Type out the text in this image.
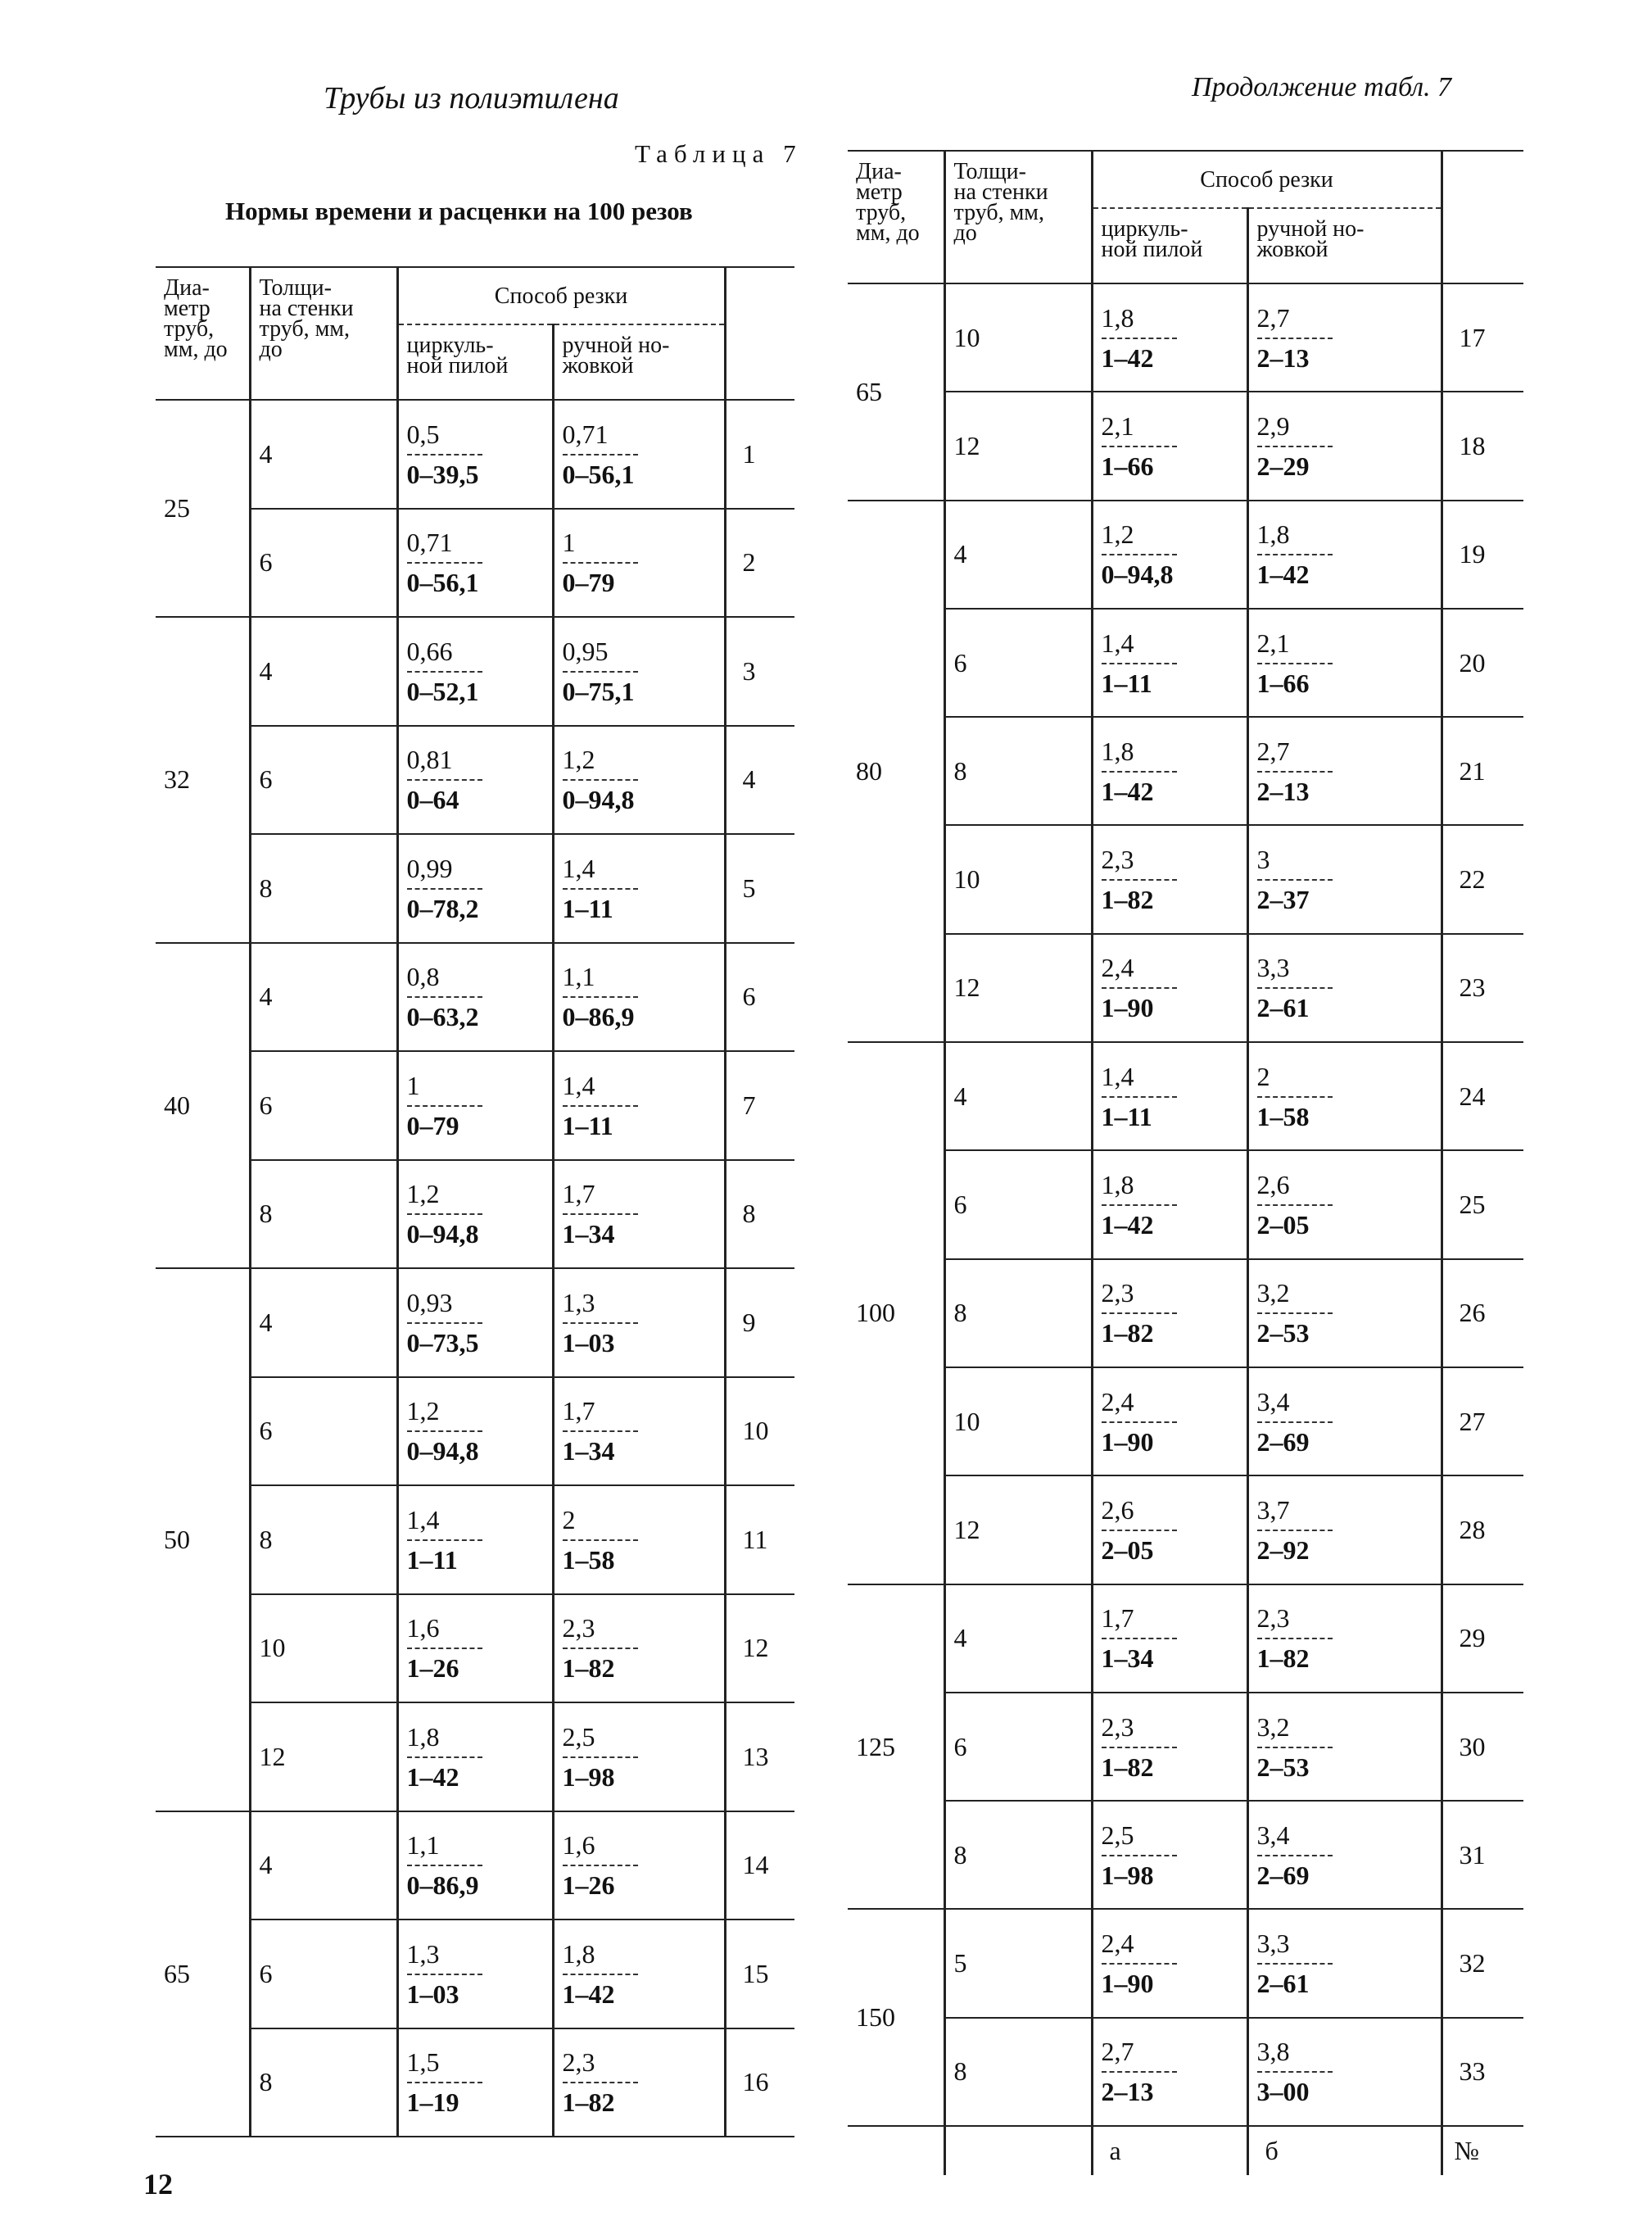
Трубы из полиэтилена	Продолжение табл. 7
Таблица 7
Нормы времени и расценки на 100 резов
12
Диа-
метр
труб,
мм, до	Толщи-
на стенки
труб, мм,
до	Способ резки		
		циркуль-
ной пилой	ручной но-
жовкой	
25	4	$\frac{0,5}{0-39,5}$	$\frac{0,71}{0-56,1}$	1
	6	$\frac{0,71}{0-56,1}$	$\frac{1}{0-79}$	2
32	4	$\frac{0,66}{0-52,1}$	$\frac{0,95}{0-75,1}$	3
	6	$\frac{0,81}{0-64}$	$\frac{1,2}{0-94,8}$	4
	8	$\frac{0,99}{0-78,2}$	$\frac{1,4}{1-11}$	5
40	4	$\frac{0,8}{0-63,2}$	$\frac{1,1}{0-86,9}$	6
	6	$\frac{1}{0-79}$	$\frac{1,4}{1-11}$	7
	8	$\frac{1,2}{0-94,8}$	$\frac{1,7}{1-34}$	8
50	4	$\frac{0,93}{0-73,5}$	$\frac{1,3}{1-03}$	9
	6	$\frac{1,2}{0-94,8}$	$\frac{1,7}{1-34}$	10
	8	$\frac{1,4}{1-11}$	$\frac{2}{1-58}$	11
	10	$\frac{1,6}{1-26}$	$\frac{2,3}{1-82}$	12
	12	$\frac{1,8}{1-42}$	$\frac{2,5}{1-98}$	13
65	4	$\frac{1,1}{0-86,9}$	$\frac{1,6}{1-26}$	14
	6	$\frac{1,3}{1-03}$	$\frac{1,8}{1-42}$	15
	8	$\frac{1,5}{1-19}$	$\frac{2,3}{1-82}$	16
Диа-
метр
труб,
мм, до	Толщи-
на стенки
труб, мм,
до	Способ резки		
		циркуль-
ной пилой	ручной но-
жовкой	
65	10	$\frac{1,8}{1-42}$	$\frac{2,7}{2-13}$	17
	12	$\frac{2,1}{1-66}$	$\frac{2,9}{2-29}$	18
80	4	$\frac{1,2}{0-94,8}$	$\frac{1,8}{1-42}$	19
	6	$\frac{1,4}{1-11}$	$\frac{2,1}{1-66}$	20
	8	$\frac{1,8}{1-42}$	$\frac{2,7}{2-13}$	21
	10	$\frac{2,3}{1-82}$	$\frac{3}{2-37}$	22
	12	$\frac{2,4}{1-90}$	$\frac{3,3}{2-61}$	23
100	4	$\frac{1,4}{1-11}$	$\frac{2}{1-58}$	24
	6	$\frac{1,8}{1-42}$	$\frac{2,6}{2-05}$	25
	8	$\frac{2,3}{1-82}$	$\frac{3,2}{2-53}$	26
	10	$\frac{2,4}{1-90}$	$\frac{3,4}{2-69}$	27
	12	$\frac{2,6}{2-05}$	$\frac{3,7}{2-92}$	28
125	4	$\frac{1,7}{1-34}$	$\frac{2,3}{1-82}$	29
	6	$\frac{2,3}{1-82}$	$\frac{3,2}{2-53}$	30
	8	$\frac{2,5}{1-98}$	$\frac{3,4}{2-69}$	31
150	5	$\frac{2,4}{1-90}$	$\frac{3,3}{2-61}$	32
	8	$\frac{2,7}{2-13}$	$\frac{3,8}{3-00}$	33
		а	б	№
